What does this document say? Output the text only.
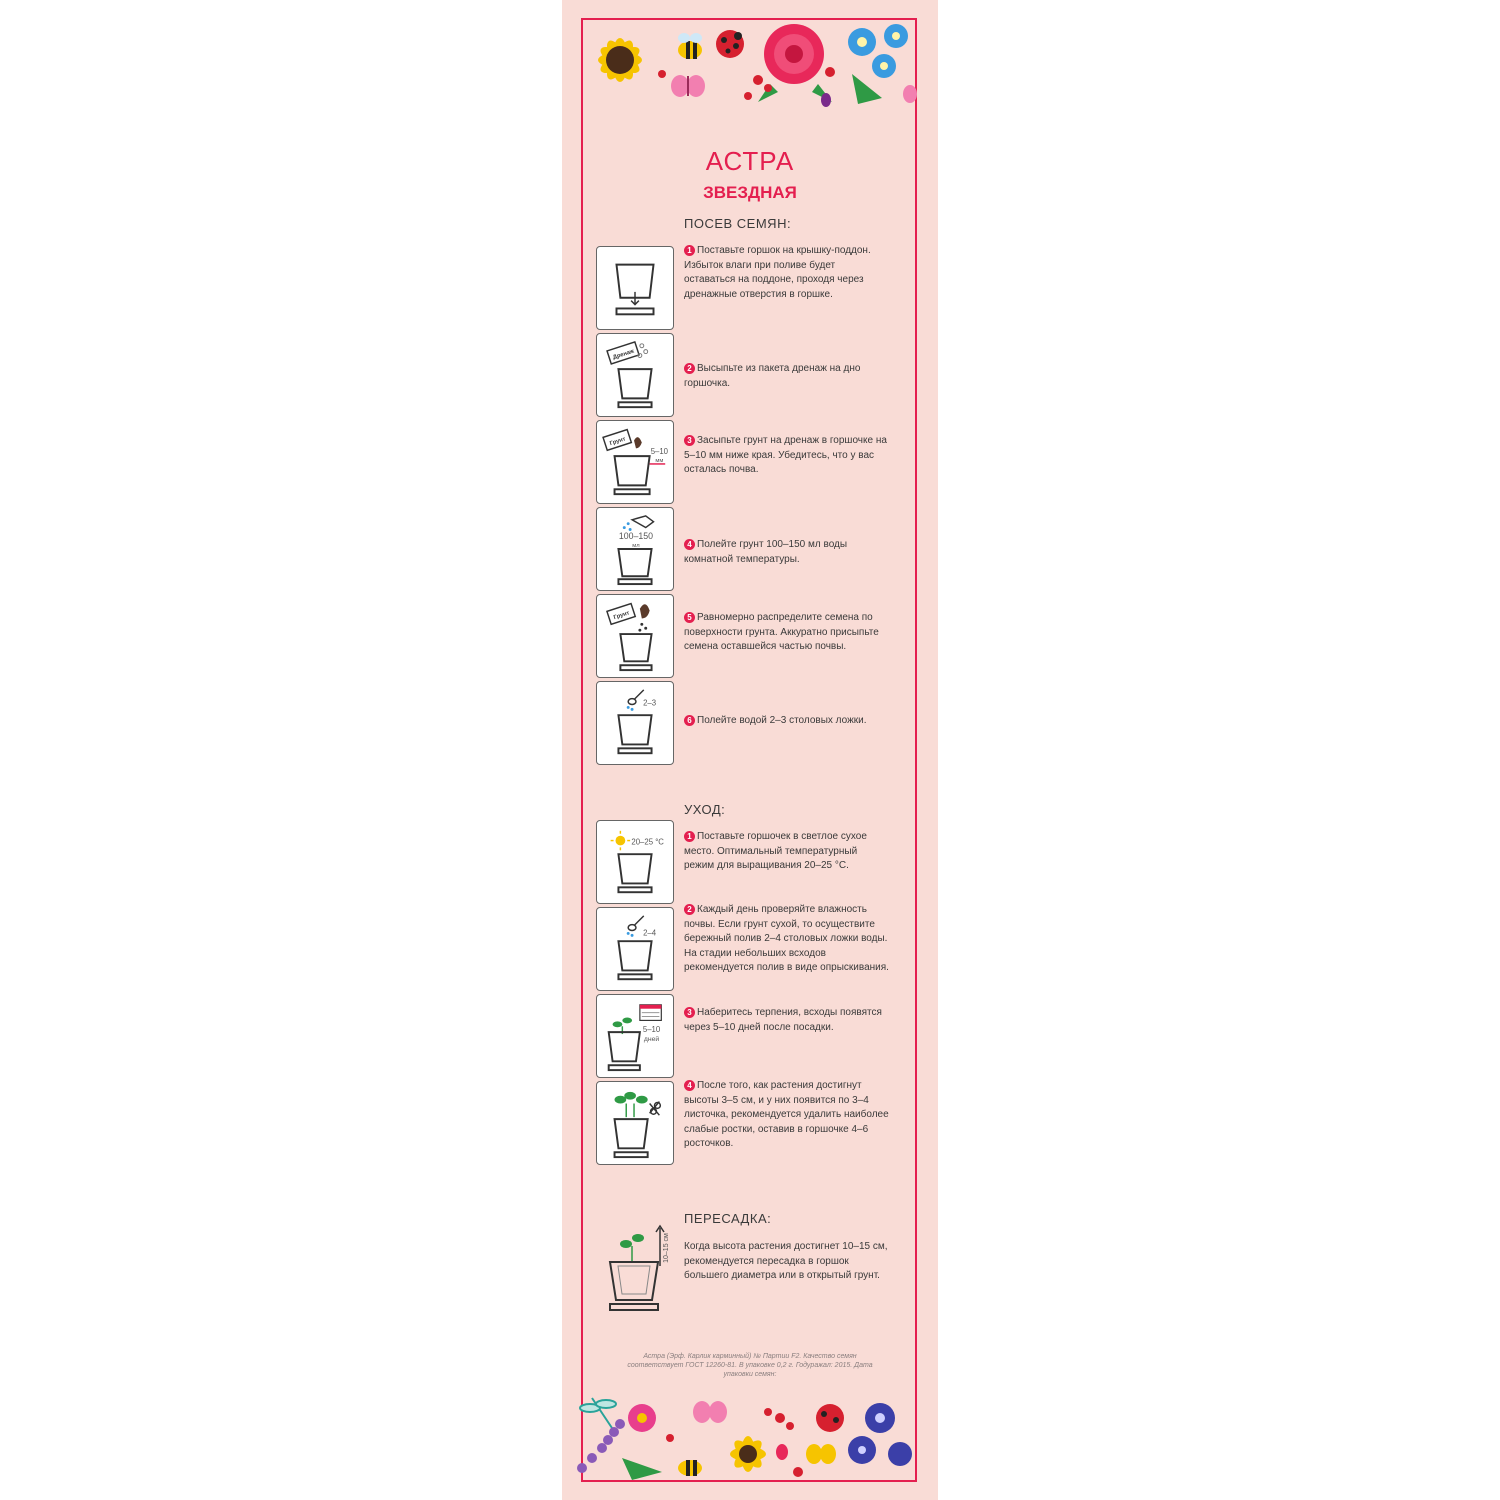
АСТРА
ЗВЕЗДНАЯ
ПОСЕВ СЕМЯН:
1 Поставьте горшок на крышку-поддон. Избыток влаги при поливе будет оставаться на поддоне, проходя через дренажные отверстия в горшке.
Дренаж
2 Высыпьте из пакета дренаж на дно горшочка.
Грунт
5–10
мм
3 Засыпьте грунт на дренаж в горшочке на 5–10 мм ниже края. Убедитесь, что у вас осталась почва.
100–150
мл	4 Полейте грунт 100–150 мл воды комнатной температуры.
Грунт	5 Равномерно распределите семена по поверхности грунта. Аккуратно присыпьте семена оставшейся частью почвы.
2–3
6 Полейте водой 2–3 столовых ложки.
УХОД:
20–25 °С
1 Поставьте горшочек в светлое сухое место. Оптимальный температурный режим для выращивания 20–25 °С.
2–4
2 Каждый день проверяйте влажность почвы. Если грунт сухой, то осуществите бережный полив 2–4 столовых ложки воды. На стадии небольших всходов рекомендуется полив в виде опрыскивания.
5–10
дней
3 Наберитесь терпения, всходы появятся через 5–10 дней после посадки.
4 После того, как растения достигнут высоты 3–5 см, и у них появится по 3–4 листочка, рекомендуется удалить наиболее слабые ростки, оставив в горшочке 4–6 росточков.
ПЕРЕСАДКА:
10–15 см Когда высота растения достигнет 10–15 см, рекомендуется пересадка в горшок большего диаметра или в открытый грунт.
Астра (Эрф. Карлик карминный) № Партии F2. Качество семян соответствует ГОСТ 12260-81. В упаковке 0,2 г. Годуражал: 2015. Дата упаковки семян:
